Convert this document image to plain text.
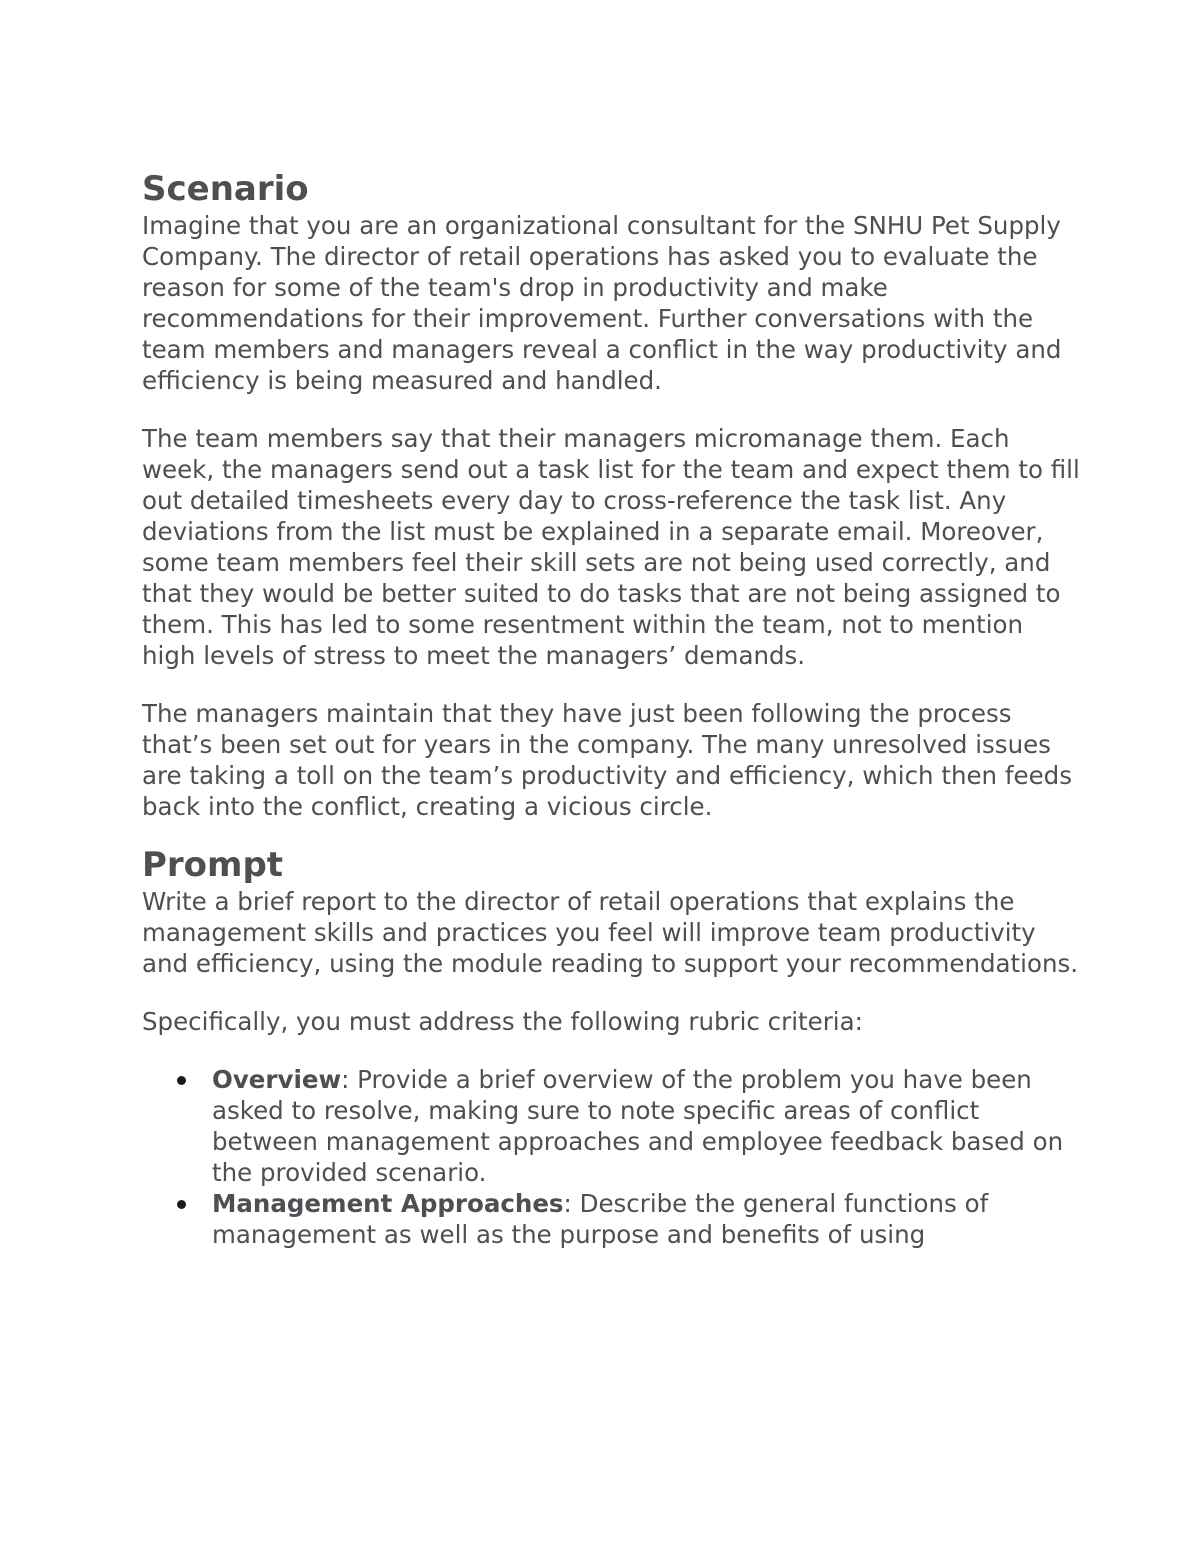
Scenario

Imagine that you are an organizational consultant for the SNHU Pet Supply Company. The director of retail operations has asked you to evaluate the reason for some of the team's drop in productivity and make recommendations for their improvement. Further conversations with the team members and managers reveal a conflict in the way productivity and efficiency is being measured and handled.

The team members say that their managers micromanage them. Each week, the managers send out a task list for the team and expect them to fill out detailed timesheets every day to cross-reference the task list. Any deviations from the list must be explained in a separate email. Moreover, some team members feel their skill sets are not being used correctly, and that they would be better suited to do tasks that are not being assigned to them. This has led to some resentment within the team, not to mention high levels of stress to meet the managers’ demands.

The managers maintain that they have just been following the process that’s been set out for years in the company. The many unresolved issues are taking a toll on the team’s productivity and efficiency, which then feeds back into the conflict, creating a vicious circle.

Prompt

Write a brief report to the director of retail operations that explains the management skills and practices you feel will improve team productivity and efficiency, using the module reading to support your recommendations.

Specifically, you must address the following rubric criteria:

Overview: Provide a brief overview of the problem you have been asked to resolve, making sure to note specific areas of conflict between management approaches and employee feedback based on the provided scenario.
Management Approaches: Describe the general functions of management as well as the purpose and benefits of using
